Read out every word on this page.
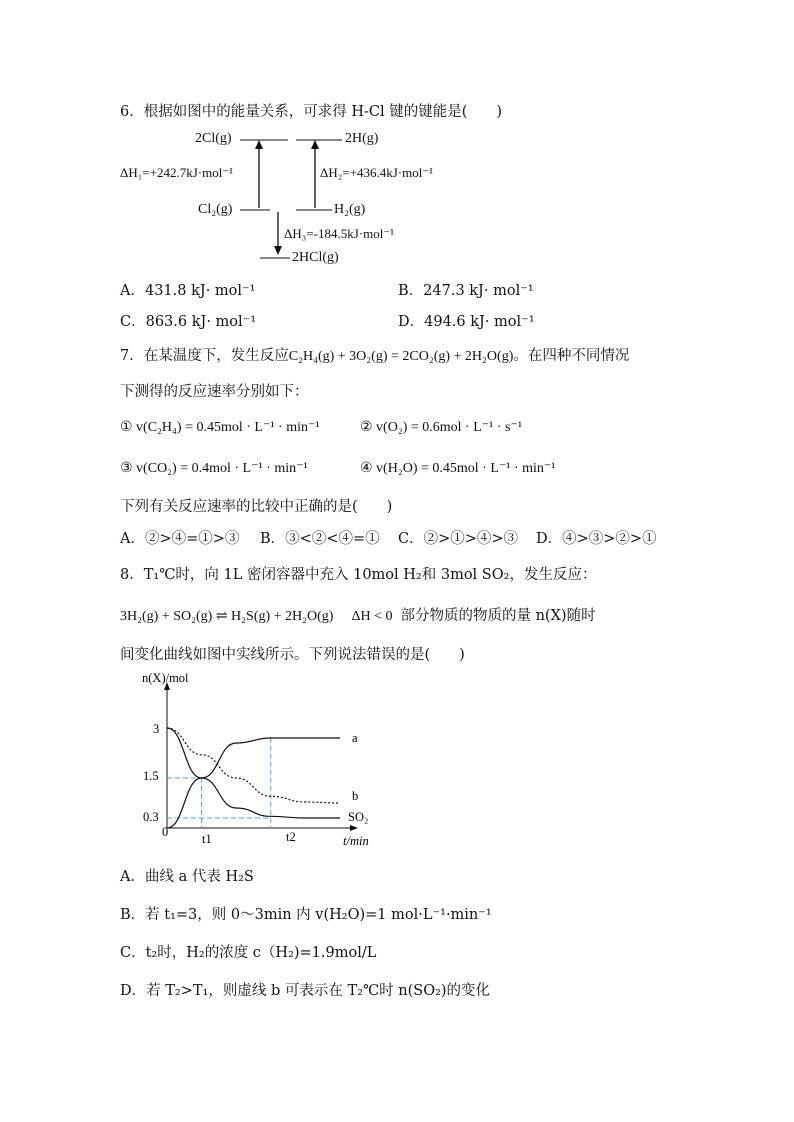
6．根据如图中的能量关系，可求得 H-Cl 键的键能是(　　)
2Cl(g)	2H(g)
ΔH₁=+242.7kJ·mol⁻¹	ΔH₂=+436.4kJ·mol⁻¹
Cl₂(g)	H₂(g)
ΔH₃=-184.5kJ·mol⁻¹
2HCl(g)
A．431.8 kJ· mol⁻¹	B．247.3 kJ· mol⁻¹
C．863.6 kJ· mol⁻¹	D．494.6 kJ· mol⁻¹
7．在某温度下，发生反应C₂H₄(g) + 3O₂(g) = 2CO₂(g) + 2H₂O(g)。在四种不同情况
下测得的反应速率分别如下：
① v(C₂H₄) = 0.45mol · L⁻¹ · min⁻¹	② v(O₂) = 0.6mol · L⁻¹ · s⁻¹
③ v(CO₂) = 0.4mol · L⁻¹ · min⁻¹	④ v(H₂O) = 0.45mol · L⁻¹ · min⁻¹
下列有关反应速率的比较中正确的是(　　)
A．②>④=①>③ B．③<②<④=① C．②>①>④>③ D．④>③>②>①
8．T₁℃时，向 1L 密闭容器中充入 10mol H₂和 3mol SO₂，发生反应：
3H₂(g) + SO₂(g) ⇌ H₂S(g) + 2H₂O(g) ΔH < 0 部分物质的物质的量 n(X)随时
间变化曲线如图中实线所示。下列说法错误的是(　　)
n(X)/mol
t/min
3
1.5
0.3
0	t1	t2
a
b
SO₂
A．曲线 a 代表 H₂S
B．若 t₁=3，则 0～3min 内 v(H₂O)=1 mol·L⁻¹·min⁻¹
C．t₂时，H₂的浓度 c（H₂)=1.9mol/L
D．若 T₂>T₁，则虚线 b 可表示在 T₂℃时 n(SO₂)的变化
